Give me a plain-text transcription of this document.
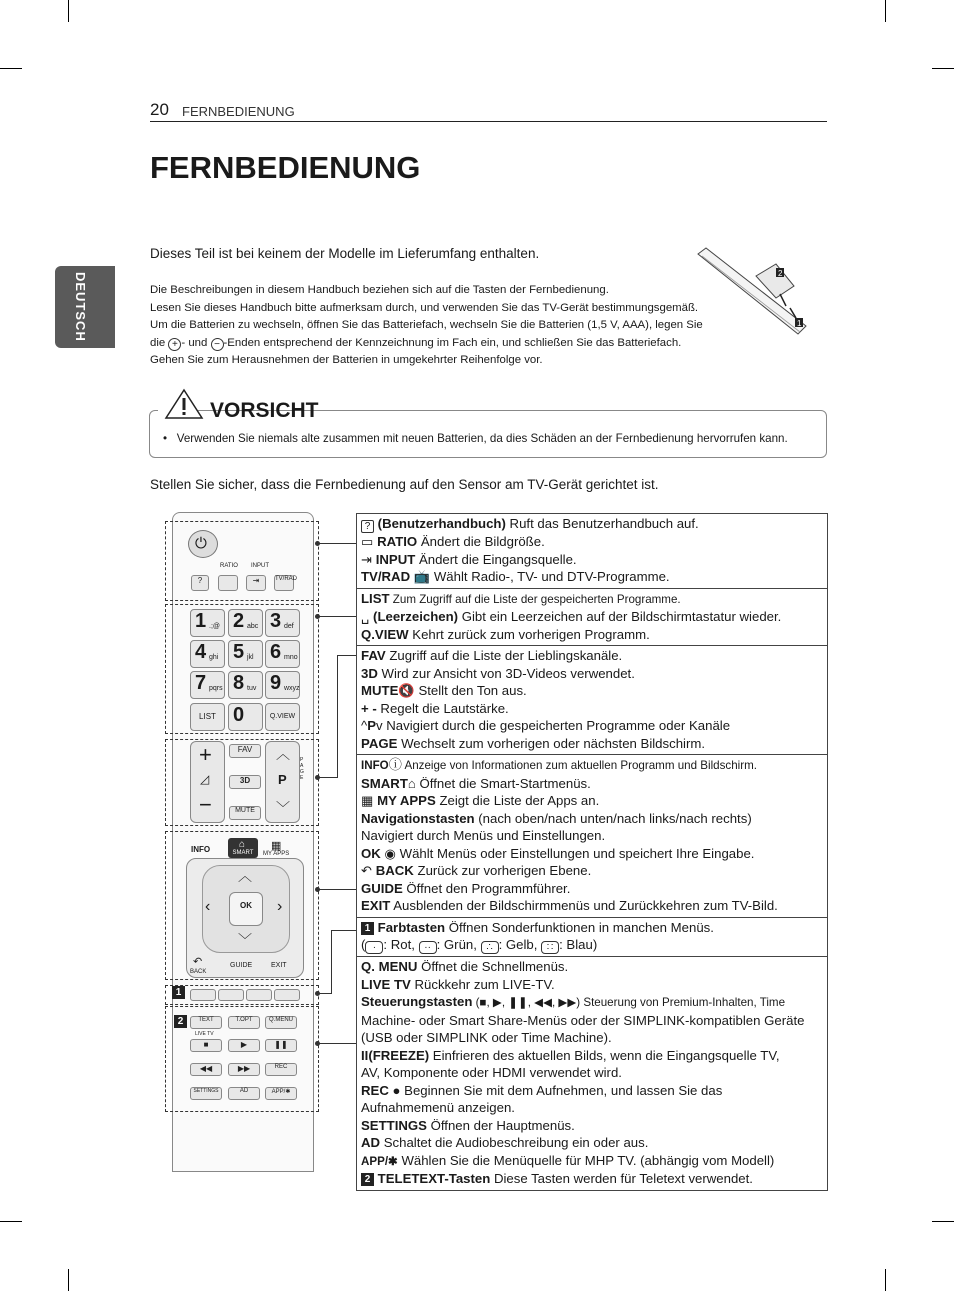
20 FERNBEDIENUNG
DEUTSCH
FERNBEDIENUNG
Dieses Teil ist bei keinem der Modelle im Lieferumfang enthalten.
Die Beschreibungen in diesem Handbuch beziehen sich auf die Tasten der Fernbedienung.
Lesen Sie dieses Handbuch bitte aufmerksam durch, und verwenden Sie das TV-Gerät bestimmungsgemäß.
Um die Batterien zu wechseln, öffnen Sie das Batteriefach, wechseln Sie die Batterien (1,5 V, AAA), legen Sie
die + - und − -Enden entsprechend der Kennzeichnung im Fach ein, und schließen Sie das Batteriefach.
Gehen Sie zum Herausnehmen der Batterien in umgekehrter Reihenfolge vor.
2
1
VORSICHT
•   Verwenden Sie niemals alte zusammen mit neuen Batterien, da dies Schäden an der Fernbedienung hervorrufen kann.
Stellen Sie sicher, dass die Fernbedienung auf den Sensor am TV-Gerät gerichtet ist.
⏻
RATIO INPUT
?	⇥	TV/RAD
1 .;@ 2 abc 3 def
4 ghi 5 jkl 6 mno
7 pqrs 8 tuv 9 wxyz
LIST 0	Q.VIEW
+
◿
−
FAV
3D
MUTE
︿
P
﹀
PAGE
INFO	⌂
SMART
▦
MY APPS
︿
﹀
‹	›
OK
↶
BACK
GUIDE	EXIT
TEXT	T.OPT	Q.MENU
LIVE TV
■	▶	❚❚
◀◀	▶▶	REC
SETTINGS	AD	APP/✱
1
2
? (Benutzerhandbuch) Ruft das Benutzerhandbuch auf.
▭ RATIO Ändert die Bildgröße.
⇥ INPUT Ändert die Eingangsquelle.
TV/RAD 📺 Wählt Radio-, TV- und DTV-Programme.
LIST Zum Zugriff auf die Liste der gespeicherten Programme.
␣ (Leerzeichen) Gibt ein Leerzeichen auf der Bildschirmtastatur wieder.
Q.VIEW Kehrt zurück zum vorherigen Programm.
FAV Zugriff auf die Liste der Lieblingskanäle.
3D Wird zur Ansicht von 3D-Videos verwendet.
MUTE🔇 Stellt den Ton aus.
+ - Regelt die Lautstärke.
^Pv Navigiert durch die gespeicherten Programme oder Kanäle
PAGE Wechselt zum vorherigen oder nächsten Bildschirm.
INFOⓘ Anzeige von Informationen zum aktuellen Programm und Bildschirm.
SMART⌂ Öffnet die Smart-Startmenüs.
▦ MY APPS Zeigt die Liste der Apps an.
Navigationstasten (nach oben/nach unten/nach links/nach rechts)
Navigiert durch Menüs und Einstellungen.
OK ◉ Wählt Menüs oder Einstellungen und speichert Ihre Eingabe.
↶ BACK Zurück zur vorherigen Ebene.
GUIDE Öffnet den Programmführer.
EXIT Ausblenden der Bildschirmmenüs und Zurückkehren zum TV-Bild.
1 Farbtasten Öffnen Sonderfunktionen in manchen Menüs.
( · : Rot, ·· : Grün, ∴ : Gelb, ∷ : Blau)
Q. MENU Öffnet die Schnellmenüs.
LIVE TV Rückkehr zum LIVE-TV.
Steuerungstasten (■, ▶, ❚❚, ◀◀, ▶▶) Steuerung von Premium-Inhalten, Time
Machine- oder Smart Share-Menüs oder der SIMPLINK-kompatiblen Geräte
(USB oder SIMPLINK oder Time Machine).
II(FREEZE) Einfrieren des aktuellen Bilds, wenn die Eingangsquelle TV,
AV, Komponente oder HDMI verwendet wird.
REC ● Beginnen Sie mit dem Aufnehmen, und lassen Sie das
Aufnahmemenü anzeigen.
SETTINGS Öffnen der Hauptmenüs.
AD Schaltet die Audiobeschreibung ein oder aus.
APP/✱ Wählen Sie die Menüquelle für MHP TV. (abhängig vom Modell)
2 TELETEXT-Tasten Diese Tasten werden für Teletext verwendet.
